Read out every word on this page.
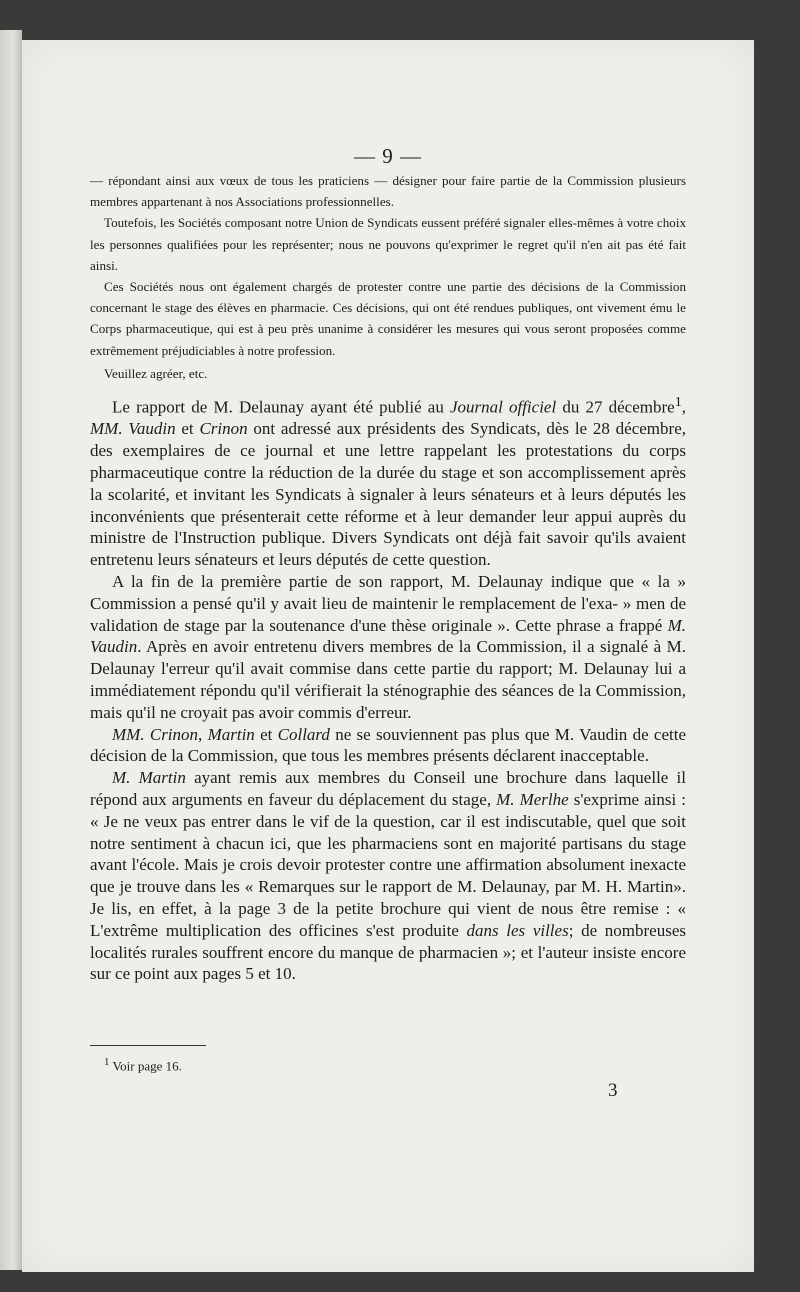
— 9 —

— répondant ainsi aux vœux de tous les praticiens — désigner pour faire partie de la Commission plusieurs membres appartenant à nos Associations professionnelles.

Toutefois, les Sociétés composant notre Union de Syndicats eussent préféré signaler elles-mêmes à votre choix les personnes qualifiées pour les représenter; nous ne pouvons qu'exprimer le regret qu'il n'en ait pas été fait ainsi.

Ces Sociétés nous ont également chargés de protester contre une partie des décisions de la Commission concernant le stage des élèves en pharmacie. Ces décisions, qui ont été rendues publiques, ont vivement ému le Corps pharmaceutique, qui est à peu près unanime à considérer les mesures qui vous seront proposées comme extrêmement préjudiciables à notre profession.

Veuillez agréer, etc.

Le rapport de M. Delaunay ayant été publié au Journal officiel du 27 décembre$^1$, MM. Vaudin et Crinon ont adressé aux présidents des Syndicats, dès le 28 décembre, des exemplaires de ce journal et une lettre rappelant les protestations du corps pharmaceutique contre la réduction de la durée du stage et son accomplissement après la scolarité, et invitant les Syndicats à signaler à leurs sénateurs et à leurs députés les inconvénients que présenterait cette réforme et à leur demander leur appui auprès du ministre de l'Instruction publique. Divers Syndicats ont déjà fait savoir qu'ils avaient entretenu leurs sénateurs et leurs députés de cette question.

A la fin de la première partie de son rapport, M. Delaunay indique que « la » Commission a pensé qu'il y avait lieu de maintenir le remplacement de l'exa- » men de validation de stage par la soutenance d'une thèse originale ». Cette phrase a frappé M. Vaudin. Après en avoir entretenu divers membres de la Commission, il a signalé à M. Delaunay l'erreur qu'il avait commise dans cette partie du rapport; M. Delaunay lui a immédiatement répondu qu'il vérifierait la sténographie des séances de la Commission, mais qu'il ne croyait pas avoir commis d'erreur.

MM. Crinon, Martin et Collard ne se souviennent pas plus que M. Vaudin de cette décision de la Commission, que tous les membres présents déclarent inacceptable.

M. Martin ayant remis aux membres du Conseil une brochure dans laquelle il répond aux arguments en faveur du déplacement du stage, M. Merlhe s'exprime ainsi : « Je ne veux pas entrer dans le vif de la question, car il est indiscutable, quel que soit notre sentiment à chacun ici, que les pharmaciens sont en majorité partisans du stage avant l'école. Mais je crois devoir protester contre une affirmation absolument inexacte que je trouve dans les « Remarques sur le rapport de M. Delaunay, par M. H. Martin». Je lis, en effet, à la page 3 de la petite brochure qui vient de nous être remise : « L'extrême multiplication des officines s'est produite dans les villes; de nombreuses localités rurales souffrent encore du manque de pharmacien »; et l'auteur insiste encore sur ce point aux pages 5 et 10.

$^1$ Voir page 16.
3
